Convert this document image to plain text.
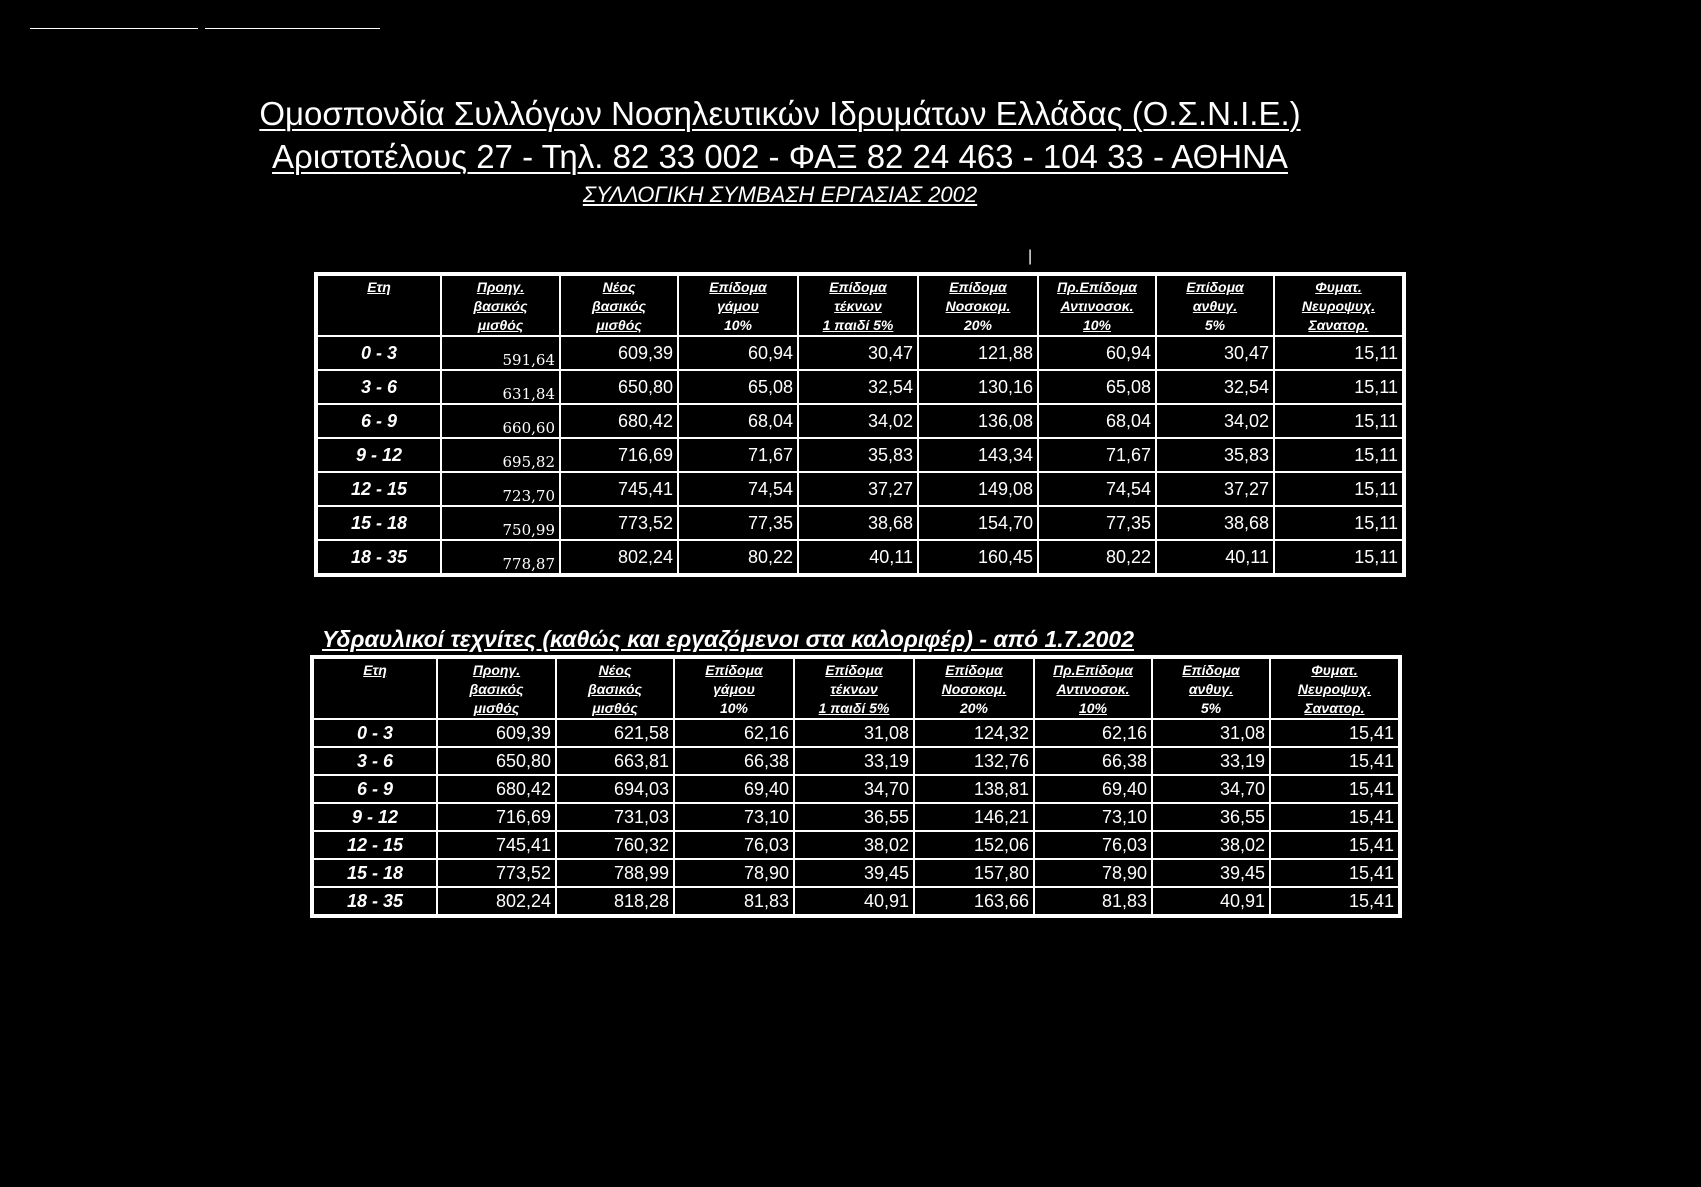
Ομοσπονδία Συλλόγων Νοσηλευτικών Ιδρυμάτων Ελλάδας (Ο.Σ.Ν.Ι.Ε.)
Αριστοτέλους 27 - Τηλ. 82 33 002 - ΦΑΞ 82 24 463 - 104 33 - ΑΘΗΝΑ
ΣΥΛΛΟΓΙΚΗ ΣΥΜΒΑΣΗ ΕΡΓΑΣΙΑΣ 2002
|
Ετη	Προηγ.
βασικός
μισθός	Νέος
βασικός
μισθός	Επίδομα
γάμου
10%	Επίδομα
τέκνων
1 παιδί 5%	Επίδομα
Νοσοκομ.
20%	Πρ.Επίδομα
Αντινοσοκ.
10%	Επίδομα
ανθυγ.
5%	Φυματ.
Νευροψυχ.
Σανατορ.

0 - 3	591,64	609,39	60,94	30,47	121,88	60,94	30,47	15,11
3 - 6	631,84	650,80	65,08	32,54	130,16	65,08	32,54	15,11
6 - 9	660,60	680,42	68,04	34,02	136,08	68,04	34,02	15,11
9 - 12	695,82	716,69	71,67	35,83	143,34	71,67	35,83	15,11
12 - 15	723,70	745,41	74,54	37,27	149,08	74,54	37,27	15,11
15 - 18	750,99	773,52	77,35	38,68	154,70	77,35	38,68	15,11
18 - 35	778,87	802,24	80,22	40,11	160,45	80,22	40,11	15,11
Υδραυλικοί τεχνίτες (καθώς και εργαζόμενοι στα καλοριφέρ) - από 1.7.2002
Ετη	Προηγ.
βασικός
μισθός	Νέος
βασικός
μισθός	Επίδομα
γάμου
10%	Επίδομα
τέκνων
1 παιδί 5%	Επίδομα
Νοσοκομ.
20%	Πρ.Επίδομα
Αντινοσοκ.
10%	Επίδομα
ανθυγ.
5%	Φυματ.
Νευροψυχ.
Σανατορ.

0 - 3	609,39	621,58	62,16	31,08	124,32	62,16	31,08	15,41
3 - 6	650,80	663,81	66,38	33,19	132,76	66,38	33,19	15,41
6 - 9	680,42	694,03	69,40	34,70	138,81	69,40	34,70	15,41
9 - 12	716,69	731,03	73,10	36,55	146,21	73,10	36,55	15,41
12 - 15	745,41	760,32	76,03	38,02	152,06	76,03	38,02	15,41
15 - 18	773,52	788,99	78,90	39,45	157,80	78,90	39,45	15,41
18 - 35	802,24	818,28	81,83	40,91	163,66	81,83	40,91	15,41
